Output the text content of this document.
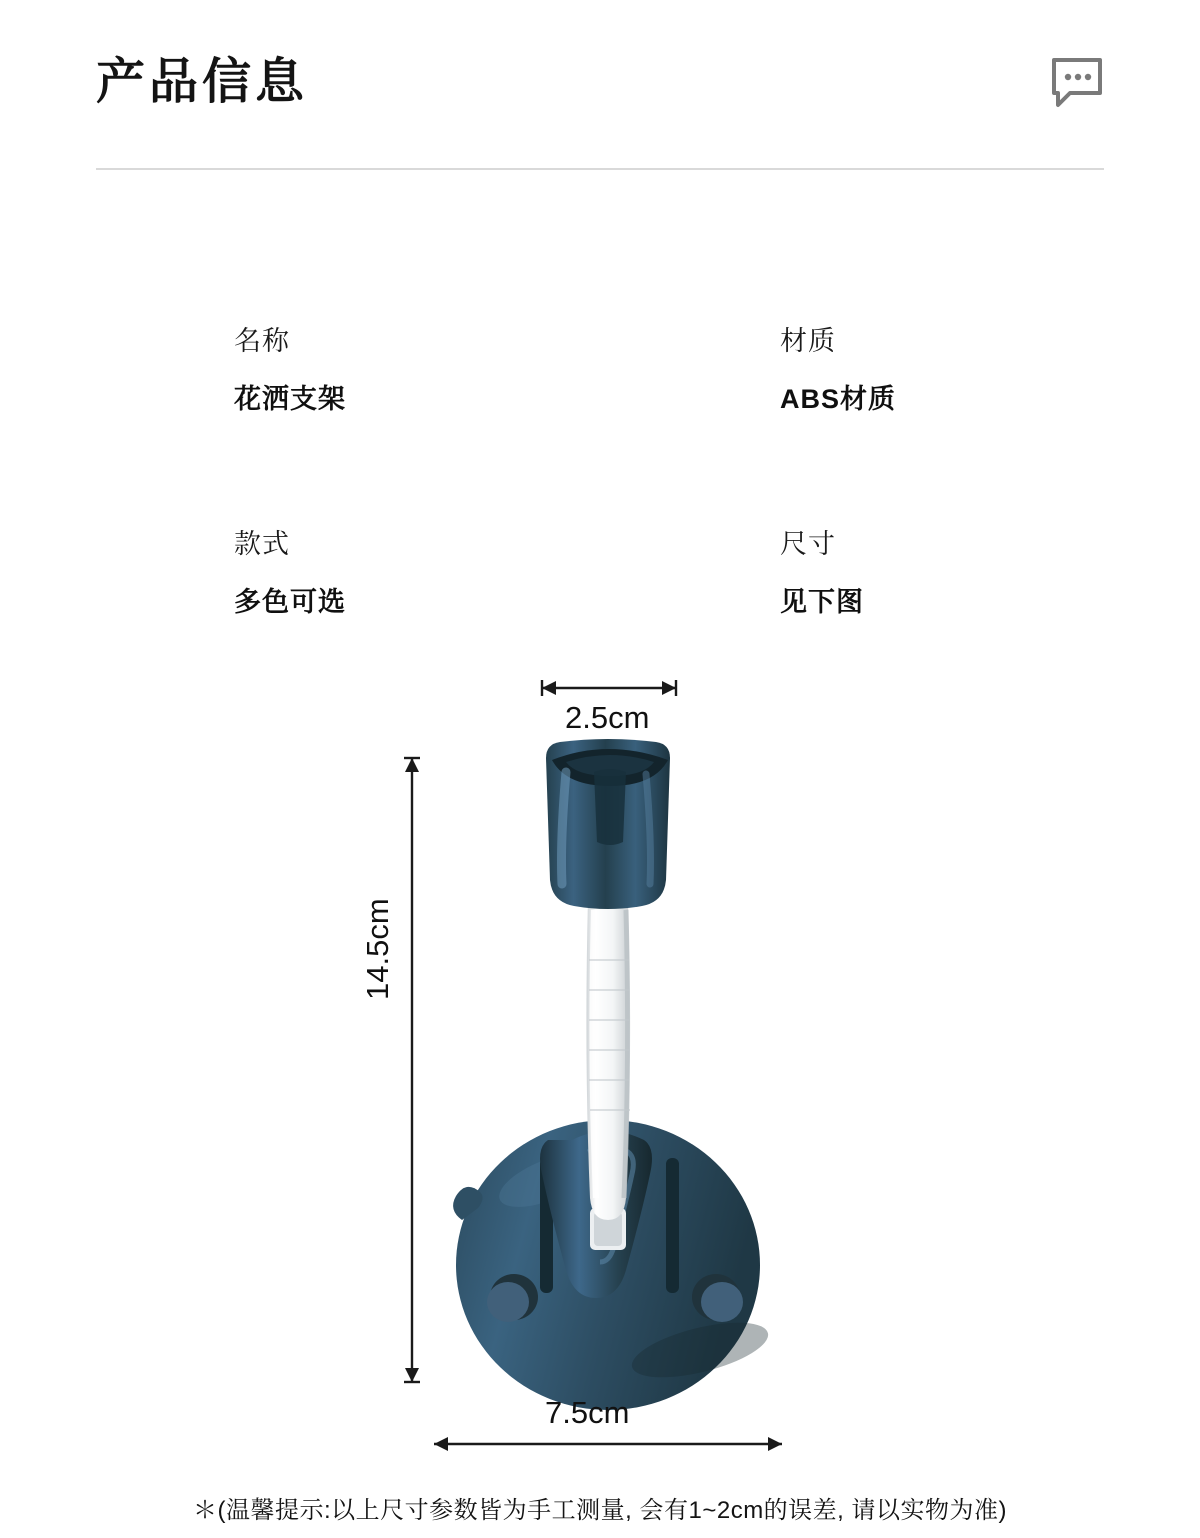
产品信息
名称
花洒支架
材质
ABS材质
款式
多色可选
尺寸
见下图
2.5cm
14.5cm
7.5cm
＊(温馨提示:以上尺寸参数皆为手工测量, 会有1~2cm的误差, 请以实物为准)
